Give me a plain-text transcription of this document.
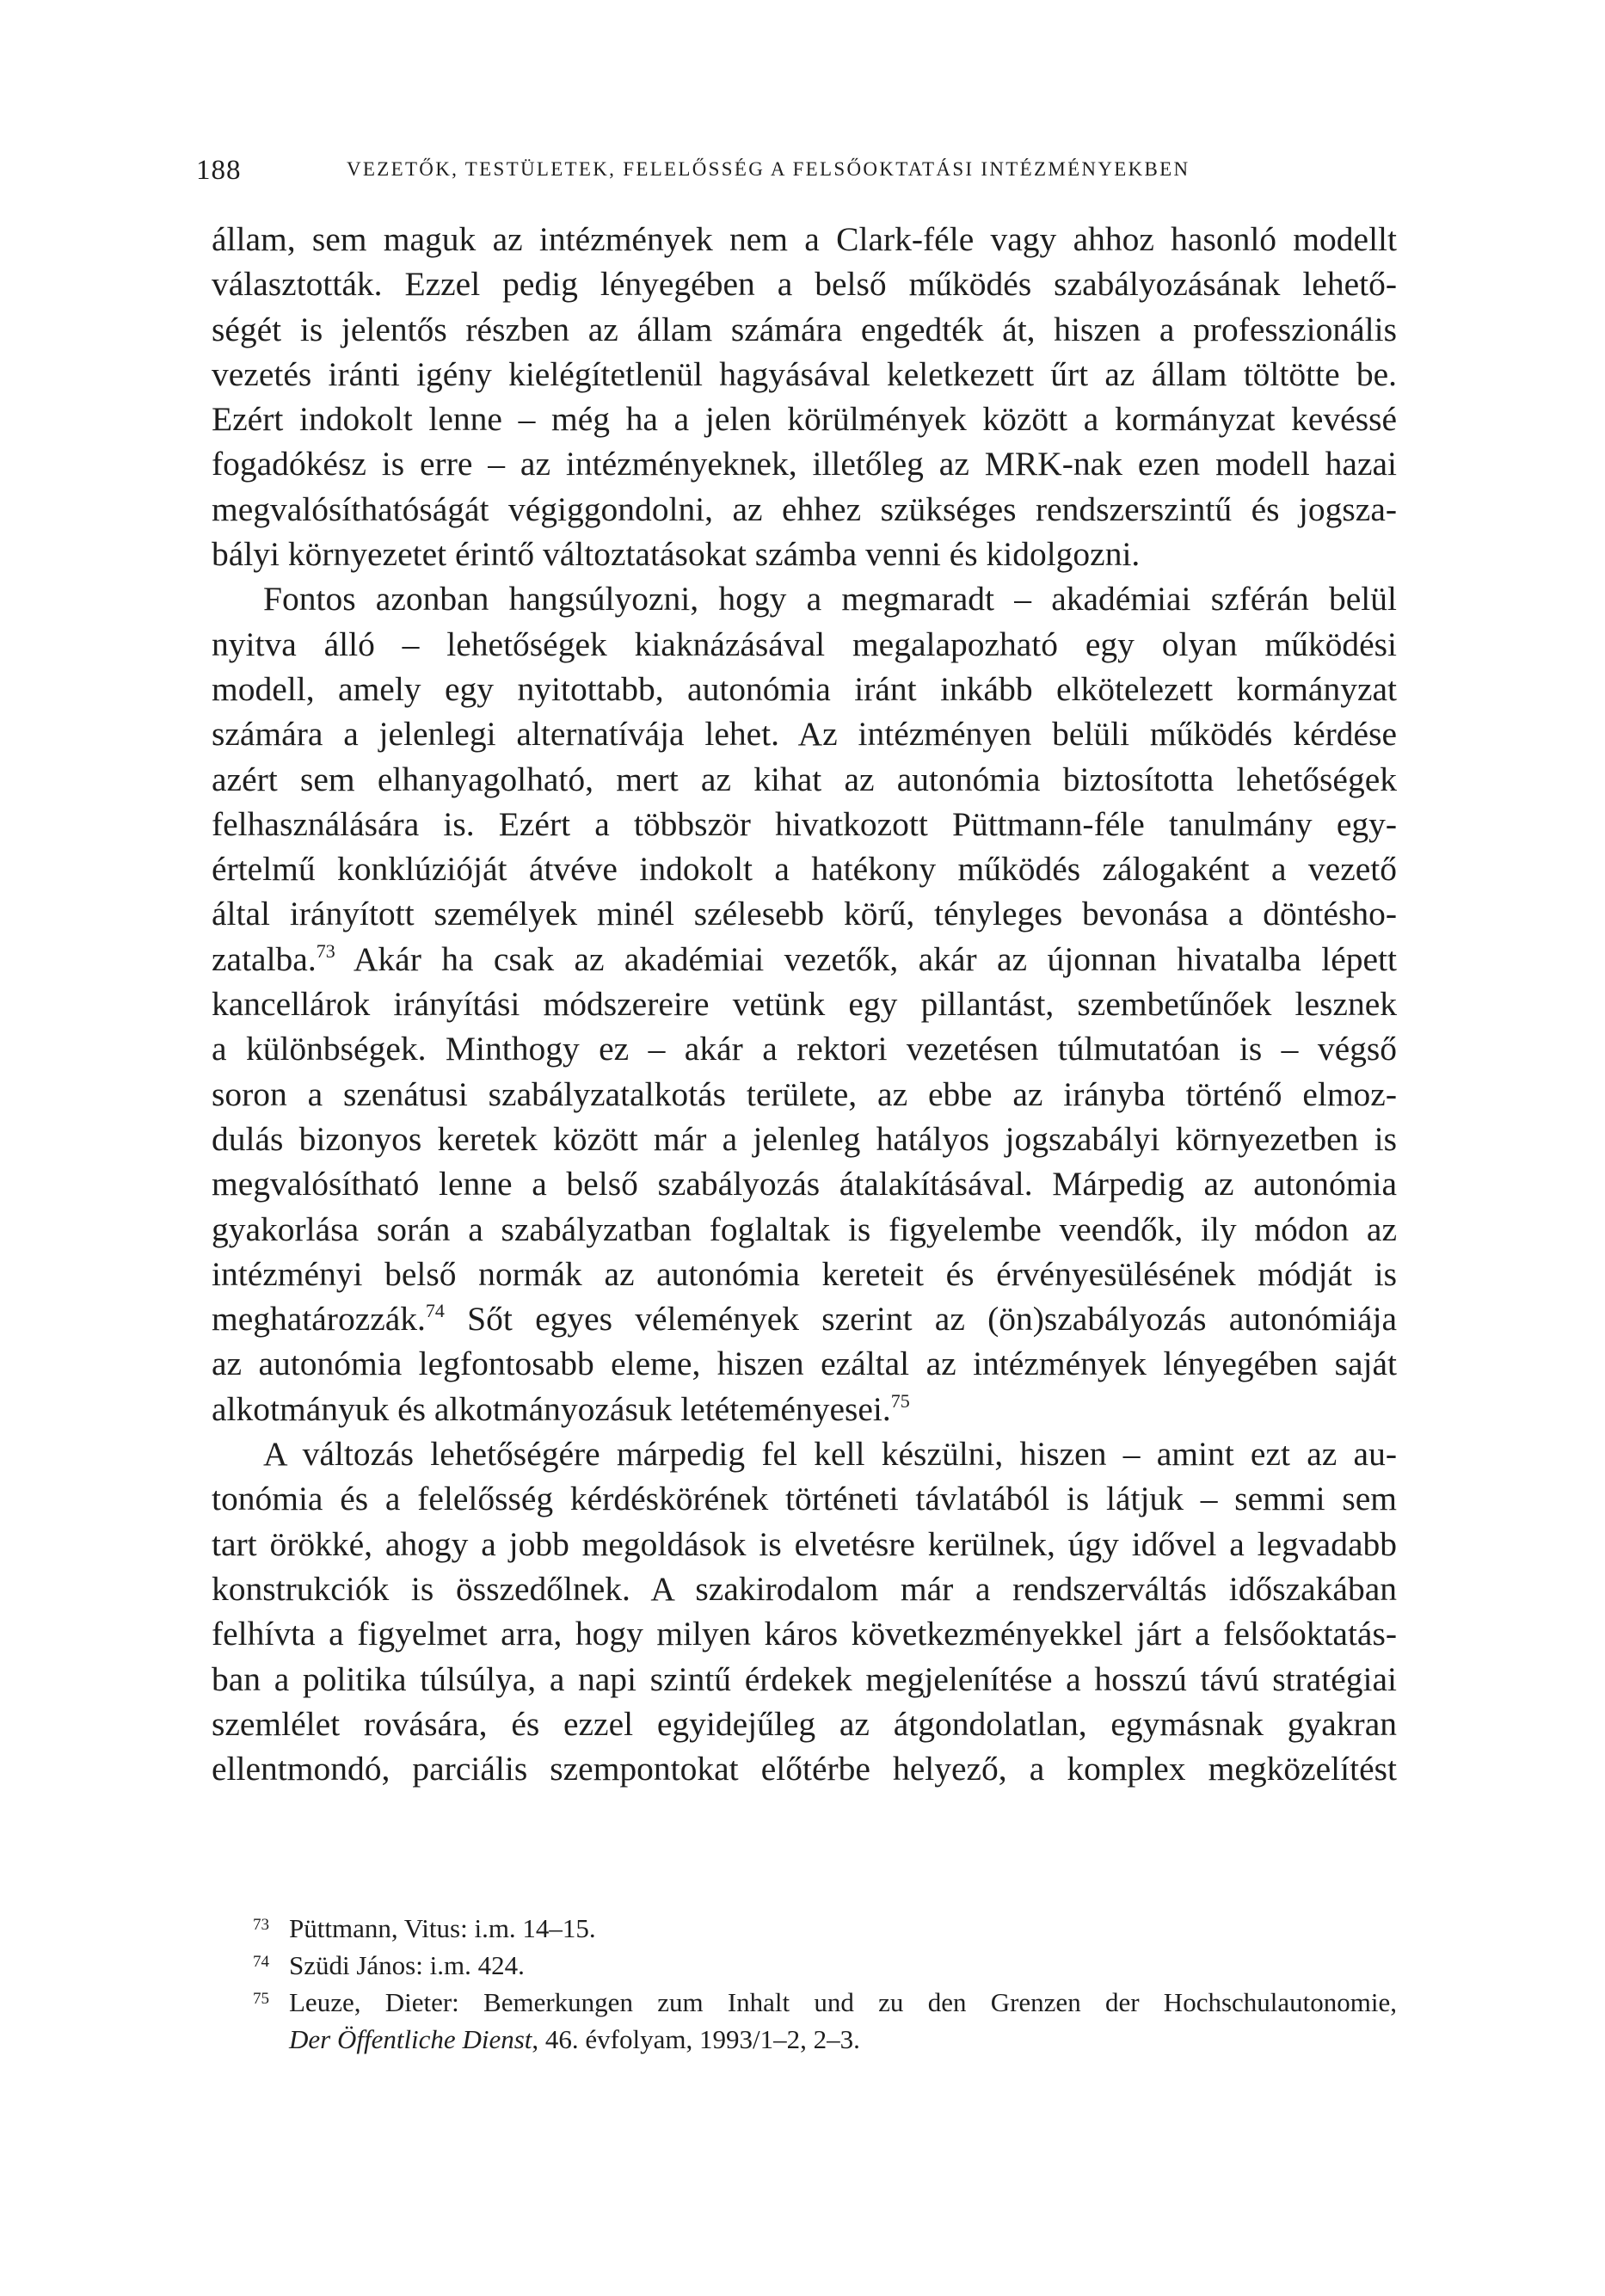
188	VEZETŐK, TESTÜLETEK, FELELŐSSÉG A FELSŐOKTATÁSI INTÉZMÉNYEKBEN
állam, sem maguk az intézmények nem a Clark-féle vagy ahhoz hasonló modellt
választották. Ezzel pedig lényegében a belső működés szabályozásának lehető-
ségét is jelentős részben az állam számára engedték át, hiszen a professzionális
vezetés iránti igény kielégítetlenül hagyásával keletkezett űrt az állam töltötte be.
Ezért indokolt lenne – még ha a jelen körülmények között a kormányzat kevéssé
fogadókész is erre – az intézményeknek, illetőleg az MRK-nak ezen modell hazai
megvalósíthatóságát végiggondolni, az ehhez szükséges rendszerszintű és jogsza-
bályi környezetet érintő változtatásokat számba venni és kidolgozni.
Fontos azonban hangsúlyozni, hogy a megmaradt – akadémiai szférán belül
nyitva álló – lehetőségek kiaknázásával megalapozható egy olyan működési
modell, amely egy nyitottabb, autonómia iránt inkább elkötelezett kormányzat
számára a jelenlegi alternatívája lehet. Az intézményen belüli működés kérdése
azért sem elhanyagolható, mert az kihat az autonómia biztosította lehetőségek
felhasználására is. Ezért a többször hivatkozott Püttmann-féle tanulmány egy-
értelmű konklúzióját átvéve indokolt a hatékony működés zálogaként a vezető
által irányított személyek minél szélesebb körű, tényleges bevonása a döntésho-
zatalba.$^{73}$ Akár ha csak az akadémiai vezetők, akár az újonnan hivatalba lépett
kancellárok irányítási módszereire vetünk egy pillantást, szembetűnőek lesznek
a különbségek. Minthogy ez – akár a rektori vezetésen túlmutatóan is – végső
soron a szenátusi szabályzatalkotás területe, az ebbe az irányba történő elmoz-
dulás bizonyos keretek között már a jelenleg hatályos jogszabályi környezetben is
megvalósítható lenne a belső szabályozás átalakításával. Márpedig az autonómia
gyakorlása során a szabályzatban foglaltak is figyelembe veendők, ily módon az
intézményi belső normák az autonómia kereteit és érvényesülésének módját is
meghatározzák.$^{74}$ Sőt egyes vélemények szerint az (ön)szabályozás autonómiája
az autonómia legfontosabb eleme, hiszen ezáltal az intézmények lényegében saját
alkotmányuk és alkotmányozásuk letéteményesei.$^{75}$
A változás lehetőségére márpedig fel kell készülni, hiszen – amint ezt az au-
tonómia és a felelősség kérdéskörének történeti távlatából is látjuk – semmi sem
tart örökké, ahogy a jobb megoldások is elvetésre kerülnek, úgy idővel a legvadabb
konstrukciók is összedőlnek. A szakirodalom már a rendszerváltás időszakában
felhívta a figyelmet arra, hogy milyen káros következményekkel járt a felsőoktatás-
ban a politika túlsúlya, a napi szintű érdekek megjelenítése a hosszú távú stratégiai
szemlélet rovására, és ezzel egyidejűleg az átgondolatlan, egymásnak gyakran
ellentmondó, parciális szempontokat előtérbe helyező, a komplex megközelítést
73 Püttmann, Vitus: i.m. 14–15.
74 Szüdi János: i.m. 424.
75 Leuze, Dieter: Bemerkungen zum Inhalt und zu den Grenzen der Hochschulautonomie,
Der Öffentliche Dienst, 46. évfolyam, 1993/1–2, 2–3.
